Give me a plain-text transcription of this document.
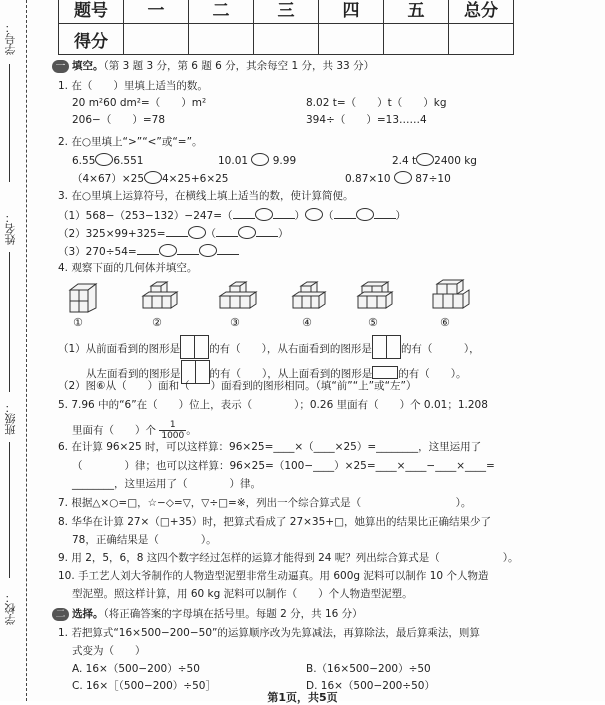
学号：
姓名：
班级：
学校：
题号	一	二	三	四	五	总分
得分						
一 填空。（第 3 题 3 分，第 6 题 6 分，其余每空 1 分，共 33 分）
1. 在（　　）里填上适当的数。
20 m²60 dm²=（　　）m²	8.02 t=（　　）t（　　）kg
206−（　　）=78	394÷（　　）=13……4
2. 在○里填上“>”“<”或“=”。
6.55 6.551	10.01 9.99	2.4 t 2400 kg
（4×67）×25 4×25+6×25	0.87×10 87÷10
3. 在○里填上运算符号，在横线上填上适当的数，使计算简便。
（1）568−（253−132）−247=（	） （	）
（2）325×99+325=	（	）
（3）270÷54=
4. 观察下面的几何体并填空。
①	②	③	④	⑤	⑥
（1）从前面看到的图形是	的有（　　），从右面看到的图形是	的有（　　　），
从左面看到的图形是	的有（　　），从上面看到的图形是 的有（　　）。
（2）图⑥从（　　）面和（　　）面看到的图形相同。（填“前”“上”或“左”）
5. 7.96 中的“6”在（　　）位上，表示（　　　　）；0.26 里面有（　　）个 0.01；1.208
里面有（　　）个 $\frac{1}{1000}$ 。
6. 在计算 96×25 时，可以这样算：96×25=____×（____×25）=________，这里运用了
（　　　　）律；也可以这样算：96×25=（100−____）×25=____×____−____×____=
________，这里运用了（　　　　）律。
7. 根据△×○=□，☆−◇=▽，▽÷□=※，列出一个综合算式是（　　　　　　　　　）。
8. 华华在计算 27×（□+35）时，把算式看成了 27×35+□，她算出的结果比正确结果少了
78，正确结果是（　　　　）。
9. 用 2，5，6，8 这四个数字经过怎样的运算才能得到 24 呢？列出综合算式是（　　　　　　）。
10. 手工艺人刘大爷制作的人物造型泥塑非常生动逼真。用 600g 泥料可以制作 10 个人物造
型泥塑。照这样计算，用 60 kg 泥料可以制作（　　）个人物造型泥塑。
二 选择。（将正确答案的字母填在括号里。每题 2 分，共 16 分）
1. 若把算式“16×500−200−50”的运算顺序改为先算减法，再算除法，最后算乘法，则算
式变为（　　）
A. 16×（500−200）÷50	B.（16×500−200）÷50
C. 16×［（500−200）÷50］	D. 16×（500−200÷50）
第1页，共5页
